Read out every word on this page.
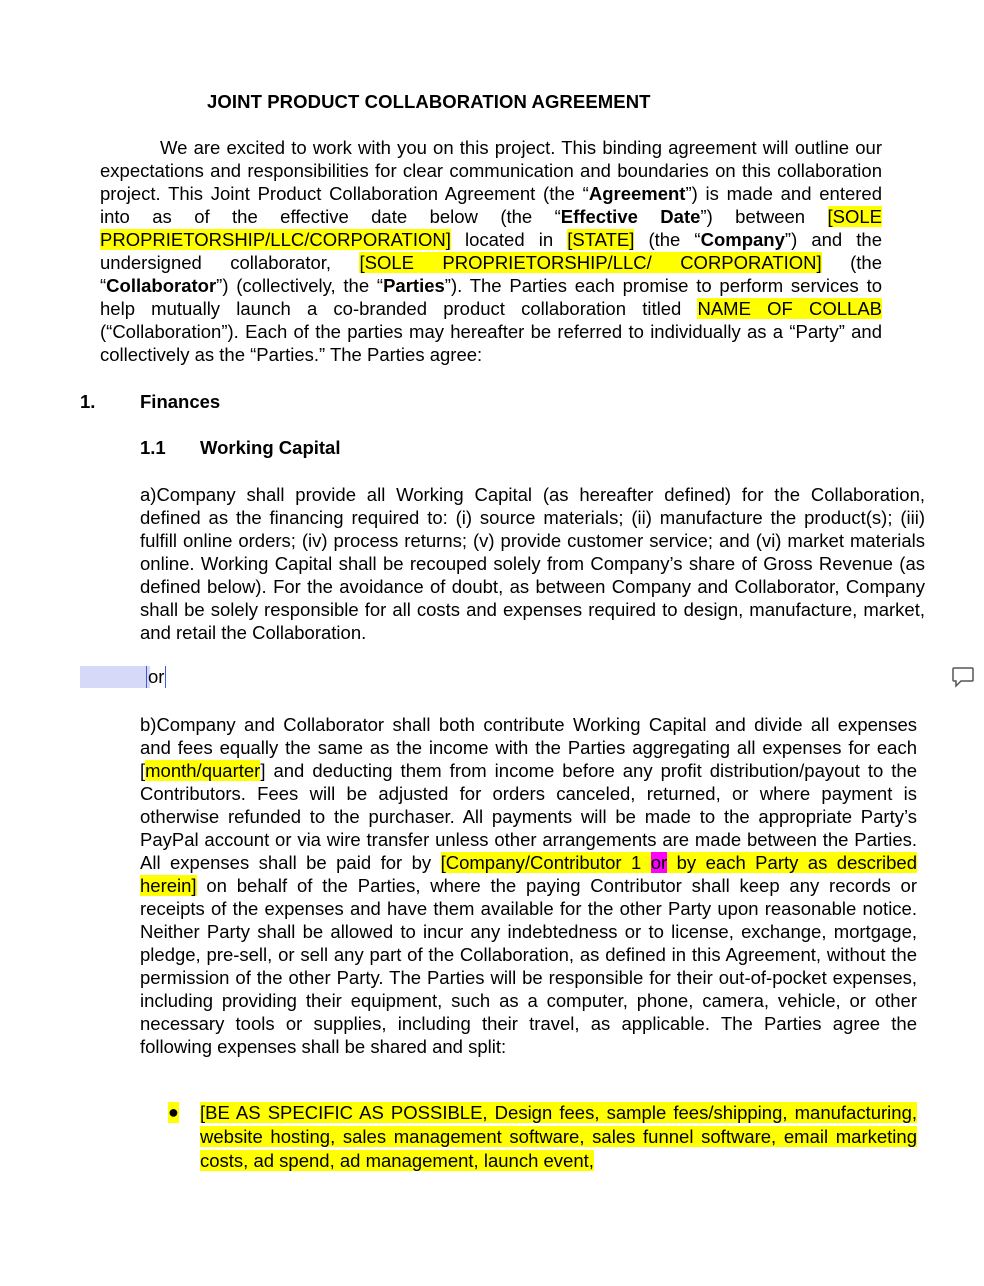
JOINT PRODUCT COLLABORATION AGREEMENT
We are excited to work with you on this project. This binding agreement will outline our expectations and responsibilities for clear communication and boundaries on this collaboration project. This Joint Product Collaboration Agreement (the “Agreement”) is made and entered into as of the effective date below (the “Effective Date”) between [SOLE PROPRIETORSHIP/LLC/CORPORATION] located in [STATE] (the “Company”) and the undersigned collaborator, [SOLE PROPRIETORSHIP/LLC/ CORPORATION] (the “Collaborator”) (collectively, the “Parties”). The Parties each promise to perform services to help mutually launch a co-branded product collaboration titled NAME OF COLLAB (“Collaboration”). Each of the parties may hereafter be referred to individually as a “Party” and collectively as the “Parties.” The Parties agree:
1. Finances
1.1 Working Capital
a)Company shall provide all Working Capital (as hereafter defined) for the Collaboration, defined as the financing required to: (i) source materials; (ii) manufacture the product(s); (iii) fulfill online orders; (iv) process returns; (v) provide customer service; and (vi) market materials online. Working Capital shall be recouped solely from Company’s share of Gross Revenue (as defined below). For the avoidance of doubt, as between Company and Collaborator, Company shall be solely responsible for all costs and expenses required to design, manufacture, market, and retail the Collaboration.
or
b)Company and Collaborator shall both contribute Working Capital and divide all expenses and fees equally the same as the income with the Parties aggregating all expenses for each [month/quarter] and deducting them from income before any profit distribution/payout to the Contributors. Fees will be adjusted for orders canceled, returned, or where payment is otherwise refunded to the purchaser. All payments will be made to the appropriate Party’s PayPal account or via wire transfer unless other arrangements are made between the Parties. All expenses shall be paid for by [Company/Contributor 1 or by each Party as described herein] on behalf of the Parties, where the paying Contributor shall keep any records or receipts of the expenses and have them available for the other Party upon reasonable notice. Neither Party shall be allowed to incur any indebtedness or to license, exchange, mortgage, pledge, pre-sell, or sell any part of the Collaboration, as defined in this Agreement, without the permission of the other Party. The Parties will be responsible for their out-of-pocket expenses, including providing their equipment, such as a computer, phone, camera, vehicle, or other necessary tools or supplies, including their travel, as applicable. The Parties agree the following expenses shall be shared and split:
● [BE AS SPECIFIC AS POSSIBLE, Design fees, sample fees/shipping, manufacturing, website hosting, sales management software, sales funnel software, email marketing costs, ad spend, ad management, launch event,
